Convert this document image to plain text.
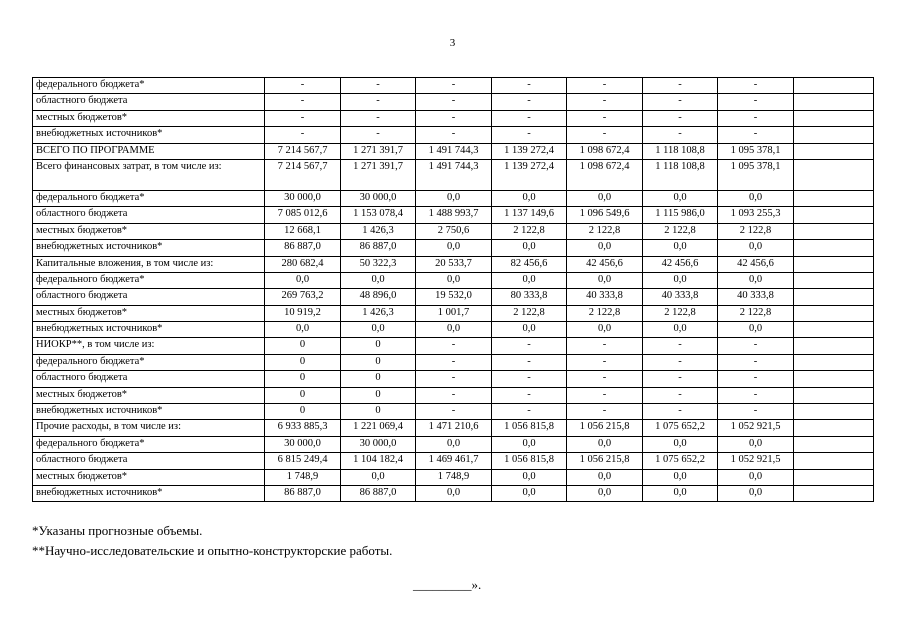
3
федерального бюджета*	-	-	-	-	-	-	-	
областного бюджета	-	-	-	-	-	-	-	
местных бюджетов*	-	-	-	-	-	-	-	
внебюджетных источников*	-	-	-	-	-	-	-	
ВСЕГО ПО ПРОГРАММЕ	7 214 567,7	1 271 391,7	1 491 744,3	1 139 272,4	1 098 672,4	1 118 108,8	1 095 378,1	
Всего финансовых затрат, в том числе из:	7 214 567,7	1 271 391,7	1 491 744,3	1 139 272,4	1 098 672,4	1 118 108,8	1 095 378,1	
федерального бюджета*	30 000,0	30 000,0	0,0	0,0	0,0	0,0	0,0	
областного бюджета	7 085 012,6	1 153 078,4	1 488 993,7	1 137 149,6	1 096 549,6	1 115 986,0	1 093 255,3	
местных бюджетов*	12 668,1	1 426,3	2 750,6	2 122,8	2 122,8	2 122,8	2 122,8	
внебюджетных источников*	86 887,0	86 887,0	0,0	0,0	0,0	0,0	0,0	
Капитальные вложения, в том числе из:	280 682,4	50 322,3	20 533,7	82 456,6	42 456,6	42 456,6	42 456,6	
федерального бюджета*	0,0	0,0	0,0	0,0	0,0	0,0	0,0	
областного бюджета	269 763,2	48 896,0	19 532,0	80 333,8	40 333,8	40 333,8	40 333,8	
местных бюджетов*	10 919,2	1 426,3	1 001,7	2 122,8	2 122,8	2 122,8	2 122,8	
внебюджетных источников*	0,0	0,0	0,0	0,0	0,0	0,0	0,0	
НИОКР**, в том числе из:	0	0	-	-	-	-	-	
федерального бюджета*	0	0	-	-	-	-	-	
областного бюджета	0	0	-	-	-	-	-	
местных бюджетов*	0	0	-	-	-	-	-	
внебюджетных источников*	0	0	-	-	-	-	-	
Прочие расходы, в том числе из:	6 933 885,3	1 221 069,4	1 471 210,6	1 056 815,8	1 056 215,8	1 075 652,2	1 052 921,5	
федерального бюджета*	30 000,0	30 000,0	0,0	0,0	0,0	0,0	0,0	
областного бюджета	6 815 249,4	1 104 182,4	1 469 461,7	1 056 815,8	1 056 215,8	1 075 652,2	1 052 921,5	
местных бюджетов*	1 748,9	0,0	1 748,9	0,0	0,0	0,0	0,0	
внебюджетных источников*	86 887,0	86 887,0	0,0	0,0	0,0	0,0	0,0	
*Указаны прогнозные объемы.
**Научно-исследовательские и опытно-конструкторские работы.
_________».
